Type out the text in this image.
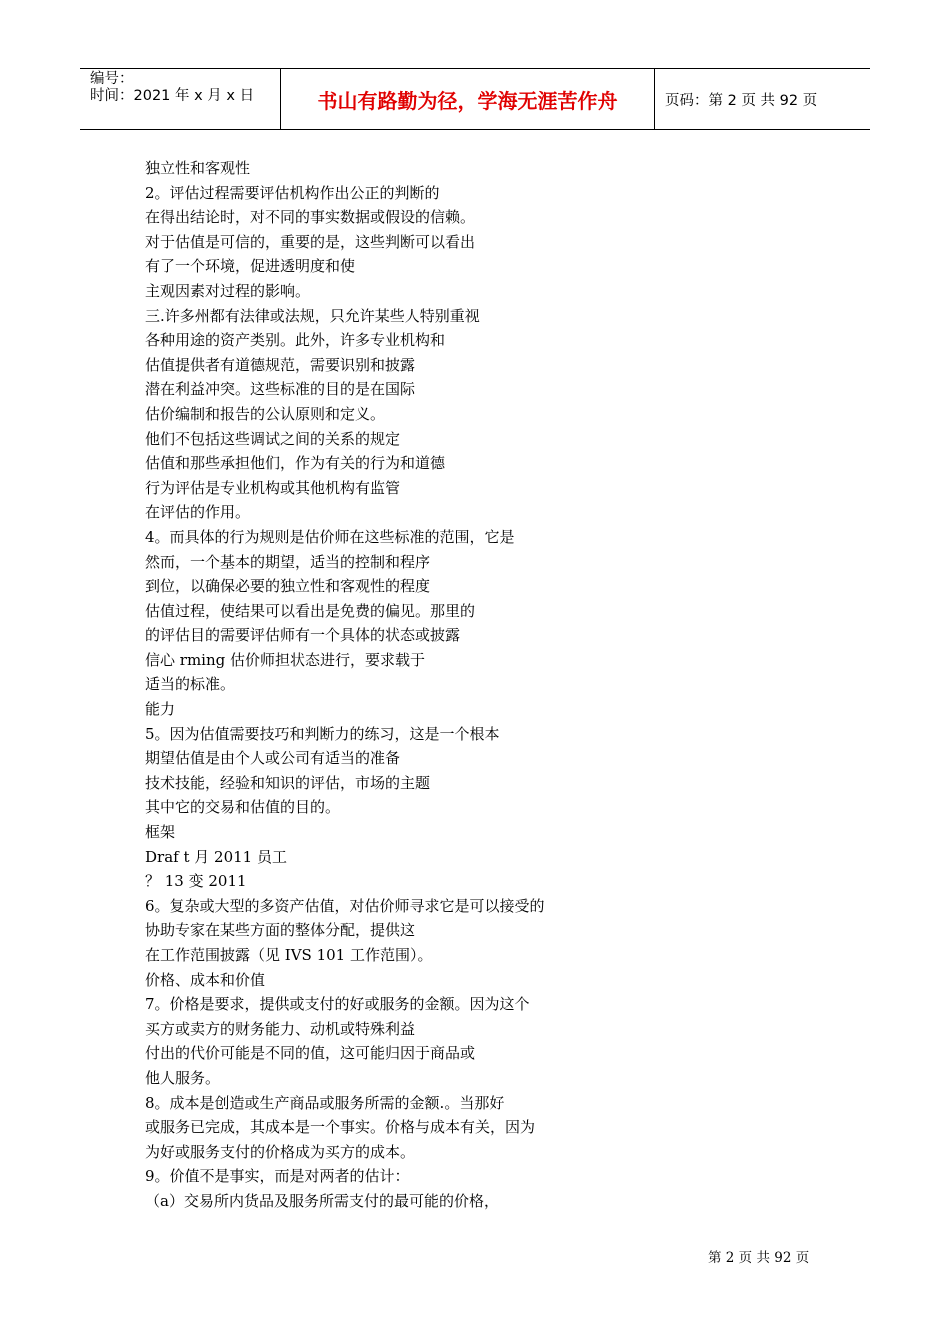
编号：
时间：2021 年 x 月 x 日	书山有路勤为径，学海无涯苦作舟	页码：第 2 页 共 92 页
独立性和客观性
2。评估过程需要评估机构作出公正的判断的
在得出结论时，对不同的事实数据或假设的信赖。
对于估值是可信的，重要的是，这些判断可以看出
有了一个环境，促进透明度和使
主观因素对过程的影响。
三.许多州都有法律或法规，只允许某些人特别重视
各种用途的资产类别。此外，许多专业机构和
估值提供者有道德规范，需要识别和披露
潜在利益冲突。这些标准的目的是在国际
估价编制和报告的公认原则和定义。
他们不包括这些调试之间的关系的规定
估值和那些承担他们，作为有关的行为和道德
行为评估是专业机构或其他机构有监管
在评估的作用。
4。而具体的行为规则是估价师在这些标准的范围，它是
然而，一个基本的期望，适当的控制和程序
到位，以确保必要的独立性和客观性的程度
估值过程，使结果可以看出是免费的偏见。那里的
的评估目的需要评估师有一个具体的状态或披露
信心 rming 估价师担状态进行，要求载于
适当的标准。
能力
5。因为估值需要技巧和判断力的练习，这是一个根本
期望估值是由个人或公司有适当的准备
技术技能，经验和知识的评估，市场的主题
其中它的交易和估值的目的。
框架
Draf t 月 2011 员工
？ 13 变 2011
6。复杂或大型的多资产估值，对估价师寻求它是可以接受的
协助专家在某些方面的整体分配，提供这
在工作范围披露（见 IVS 101 工作范围）。
价格、成本和价值
7。价格是要求，提供或支付的好或服务的金额。因为这个
买方或卖方的财务能力、动机或特殊利益
付出的代价可能是不同的值，这可能归因于商品或
他人服务。
8。成本是创造或生产商品或服务所需的金额.。当那好
或服务已完成，其成本是一个事实。价格与成本有关，因为
为好或服务支付的价格成为买方的成本。
9。价值不是事实，而是对两者的估计：
（a）交易所内货品及服务所需支付的最可能的价格，
第 2 页 共 92 页
